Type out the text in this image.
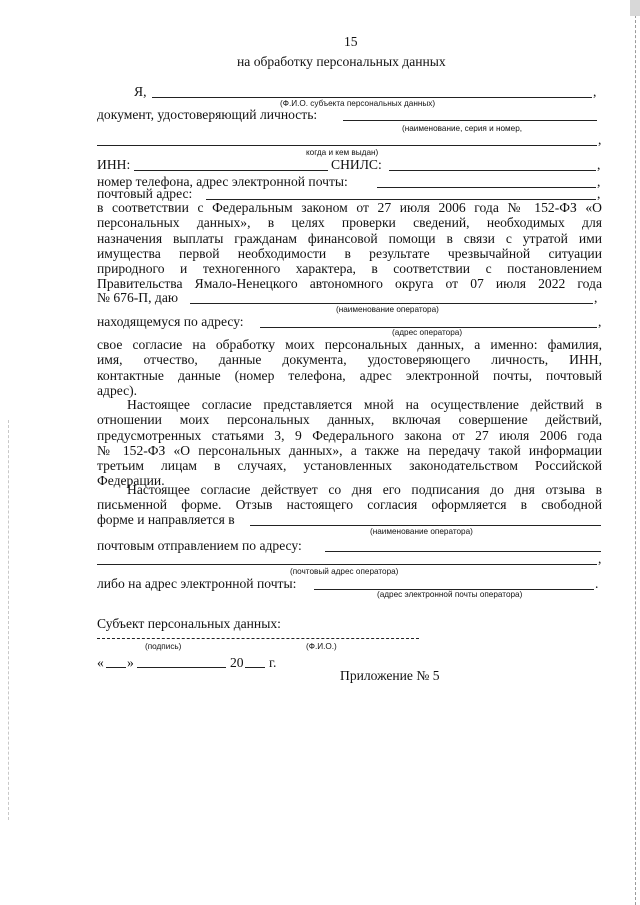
15
на обработку персональных данных
Я,	,
(Ф.И.О. субъекта персональных данных)
документ, удостоверяющий личность:
(наименование, серия и номер,
,
когда и кем выдан)
ИНН:	СНИЛС:	,
номер телефона, адрес электронной почты:	,
почтовый адрес:	,
в соответствии с Федеральным законом от 27 июля 2006 года № 152-ФЗ «О
персональных данных», в целях проверки сведений, необходимых для
назначения выплаты гражданам финансовой помощи в связи с утратой ими
имущества первой необходимости в результате чрезвычайной ситуации
природного и техногенного характера, в соответствии с постановлением
Правительства Ямало-Ненецкого автономного округа от 07 июля 2022 года
№ 676-П, даю	,
(наименование оператора)
находящемуся по адресу:	,
(адрес оператора)
свое согласие на обработку моих персональных данных, а именно: фамилия,
имя, отчество, данные документа, удостоверяющего личность, ИНН,
контактные данные (номер телефона, адрес электронной почты, почтовый
адрес).
Настоящее согласие представляется мной на осуществление действий в
отношении моих персональных данных, включая совершение действий,
предусмотренных статьями 3, 9 Федерального закона от 27 июля 2006 года
№ 152-ФЗ «О персональных данных», а также на передачу такой информации
третьим лицам в случаях, установленных законодательством Российской
Федерации.
Настоящее согласие действует со дня его подписания до дня отзыва в
письменной форме. Отзыв настоящего согласия оформляется в свободной
форме и направляется в
(наименование оператора)
почтовым отправлением по адресу:
,
(почтовый адрес оператора)
либо на адрес электронной почты:	.
(адрес электронной почты оператора)
Субъект персональных данных:
(подпись)	(Ф.И.О.)
« »	20 г.
Приложение № 5
